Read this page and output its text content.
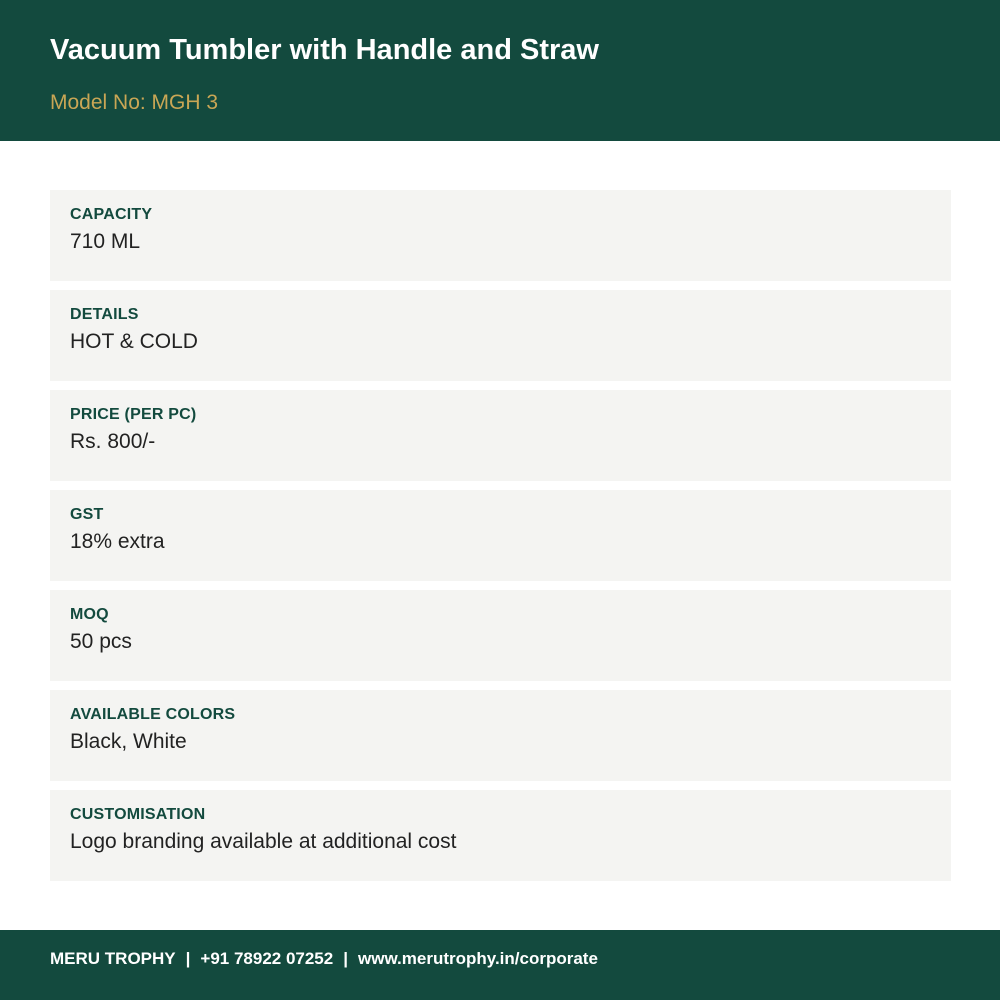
Vacuum Tumbler with Handle and Straw
Model No: MGH 3
CAPACITY
710 ML
DETAILS
HOT & COLD
PRICE (PER PC)
Rs. 800/-
GST
18% extra
MOQ
50 pcs
AVAILABLE COLORS
Black, White
CUSTOMISATION
Logo branding available at additional cost
MERU TROPHY | +91 78922 07252 | www.merutrophy.in/corporate
